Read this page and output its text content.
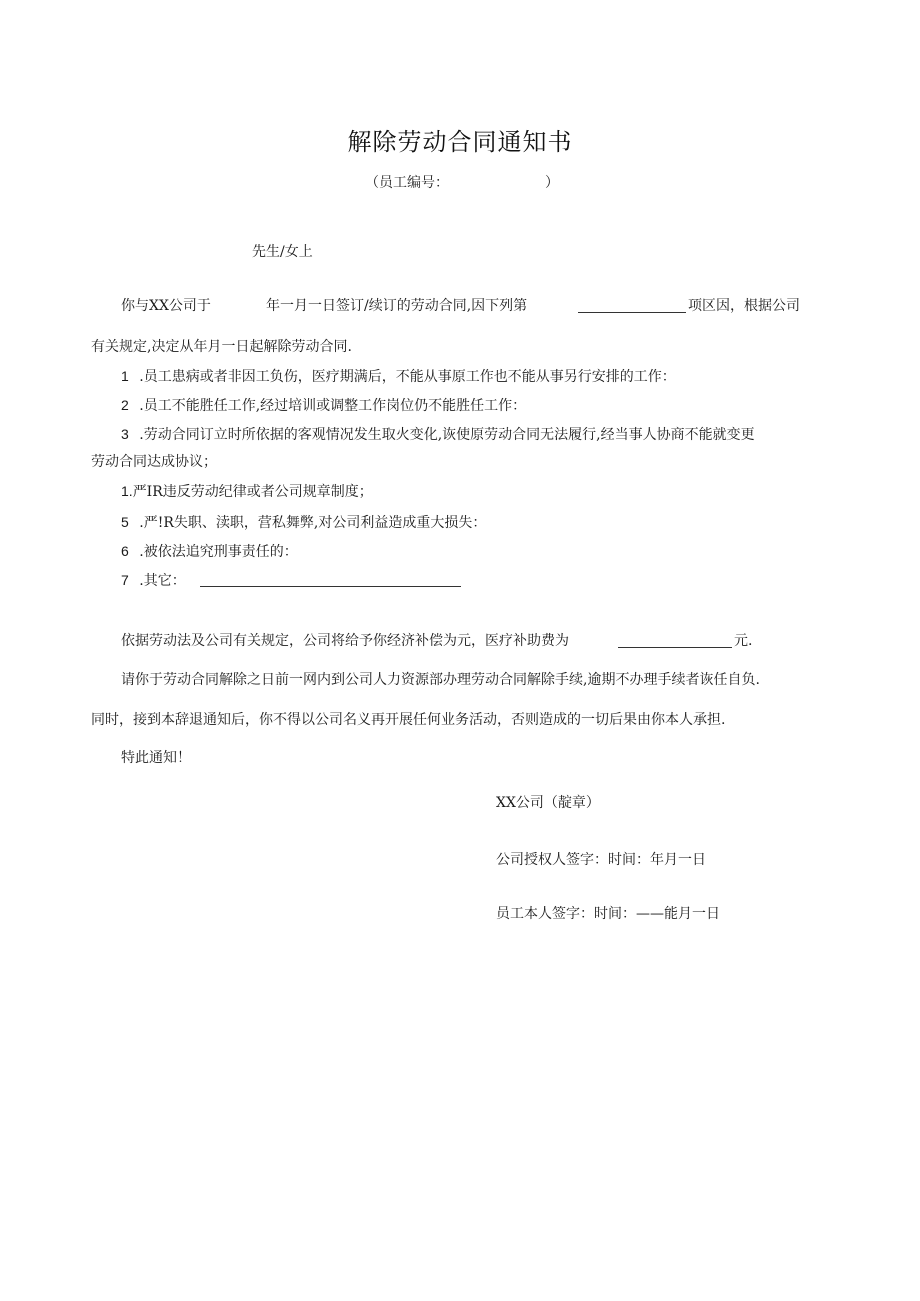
解除劳动合同通知书
（员工编号：	）
先生/女上
你与XX公司于	年一月一日签订/续订的劳动合同,因下列第	项区因，根据公司
有关规定,决定从年月一日起解除劳动合同.
1 .员工患病或者非因工负伤，医疗期满后，不能从事原工作也不能从事另行安排的工作：
2 .员工不能胜任工作,经过培训或调整工作岗位仍不能胜任工作：
3 .劳动合同订立时所依据的客观情况发生取火变化,诙使原劳动合同无法履行,经当事人协商不能就变更
劳动合同达成协议；
1.严IR违反劳动纪律或者公司规章制度；
5 .严!R失职、渎职，营私舞弊,对公司利益造成重大损失：
6 .被依法追究刑事责任的：
7 .其它：
依据劳动法及公司有关规定，公司将给予你经济补偿为元，医疗补助费为	元.
请你于劳动合同解除之日前一网内到公司人力资源部办理劳动合同解除手续,逾期不办理手续者诙任自负.
同时，接到本辞退通知后，你不得以公司名义再开展任何业务活动，否则造成的一切后果由你本人承担.
特此通知！
XX公司（靛章）
公司授权人签字：时间：年月一日
员工本人签字：时间：——能月一日
